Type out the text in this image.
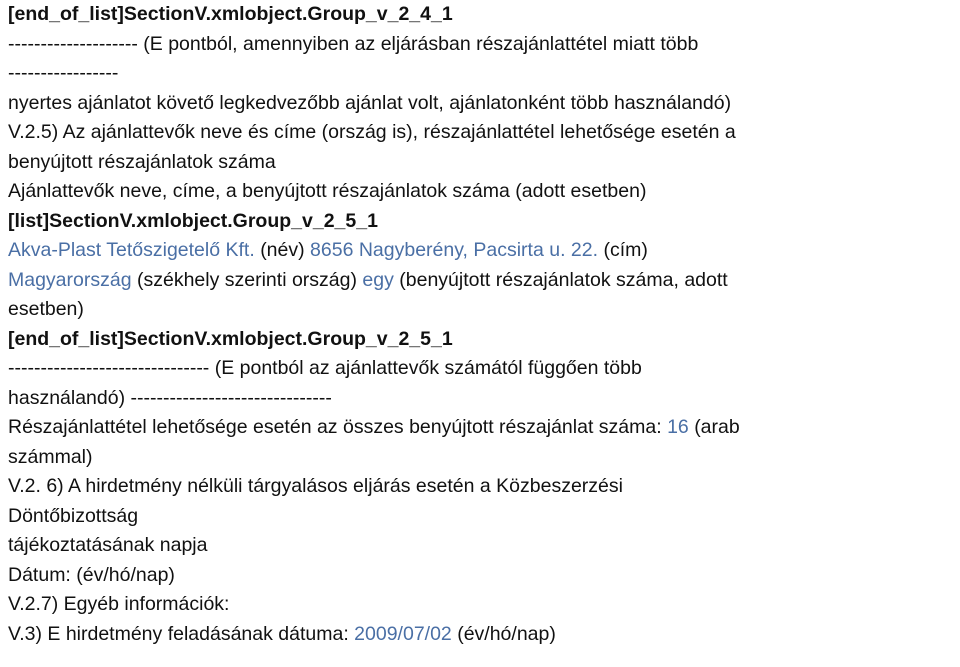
[end_of_list]SectionV.xmlobject.Group_v_2_4_1
-------------------- (E pontból, amennyiben az eljárásban részajánlattétel miatt több
-----------------
nyertes ajánlatot követő legkedvezőbb ajánlat volt, ajánlatonként több használandó)
V.2.5) Az ajánlattevők neve és címe (ország is), részajánlattétel lehetősége esetén a
benyújtott részajánlatok száma
Ajánlattevők neve, címe, a benyújtott részajánlatok száma (adott esetben)
[list]SectionV.xmlobject.Group_v_2_5_1
Akva-Plast Tetőszigetelő Kft. (név) 8656 Nagyberény, Pacsirta u. 22. (cím)
Magyarország (székhely szerinti ország) egy (benyújtott részajánlatok száma, adott
esetben)
[end_of_list]SectionV.xmlobject.Group_v_2_5_1
------------------------------- (E pontból az ajánlattevők számától függően több
használandó) -------------------------------
Részajánlattétel lehetősége esetén az összes benyújtott részajánlat száma: 16 (arab
számmal)
V.2. 6) A hirdetmény nélküli tárgyalásos eljárás esetén a Közbeszerzési
Döntőbizottság
tájékoztatásának napja
Dátum: (év/hó/nap)
V.2.7) Egyéb információk:
V.3) E hirdetmény feladásának dátuma: 2009/07/02 (év/hó/nap)
